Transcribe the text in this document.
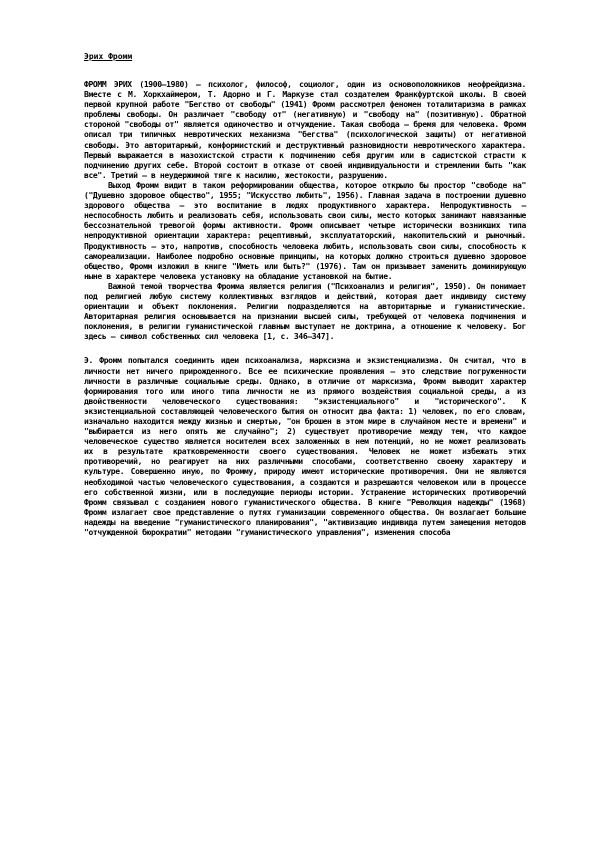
Эрих Фромм

ФРОММ ЭРИХ (1900–1980) — психолог, философ, социолог, один из основоположников неофрейдизма. Вместе с М. Хоркхаймером, Т. Адорно и Г. Маркузе стал создателем Франкфуртской школы. В своей первой крупной работе "Бегство от свободы" (1941) Фромм рассмотрел феномен тоталитаризма в рамках проблемы свободы. Он различает "свободу от" (негативную) и "свободу на" (позитивную). Обратной стороной "свободы от" является одиночество и отчуждение. Такая свобода — бремя для человека. Фромм описал три типичных невротических механизма "бегства" (психологической защиты) от негативной свободы. Это авторитарный, конформистский и деструктивный разновидности невротического характера. Первый выражается в мазохистской страсти к подчинению себя другим или в садистской страсти к подчинению других себе. Второй состоит в отказе от своей индивидуальности и стремлении быть "как все". Третий — в неудержимой тяге к насилию, жестокости, разрушению.

Выход Фромм видит в таком реформировании общества, которое открыло бы простор "свободе на" ("Душевно здоровое общество", 1955; "Искусство любить", 1956). Главная задача в построении душевно здорового общества — это воспитание в людях продуктивного характера. Непродуктивность — неспособность любить и реализовать себя, использовать свои силы, место которых занимают навязанные бессознательной тревогой формы активности. Фромм описывает четыре исторически возникших типа непродуктивной ориентации характера: рецептивный, эксплуататорский, накопительский и рыночный. Продуктивность — это, напротив, способность человека любить, использовать свои силы, способность к самореализации. Наиболее подробно основные принципы, на которых должно строиться душевно здоровое общество, Фромм изложил в книге "Иметь или быть?" (1976). Там он призывает заменить доминирующую ныне в характере человека установку на обладание установкой на бытие.

Важной темой творчества Фромма является религия ("Психоанализ и религия", 1950). Он понимает под религией любую систему коллективных взглядов и действий, которая дает индивиду систему ориентации и объект поклонения. Религии подразделяются на авторитарные и гуманистические. Авторитарная религия основывается на признании высшей силы, требующей от человека подчинения и поклонения, в религии гуманистической главным выступает не доктрина, а отношение к человеку. Бог здесь — символ собственных сил человека [1, с. 346–347].

Э. Фромм попытался соединить идеи психоанализа, марксизма и экзистенциализма. Он считал, что в личности нет ничего прирожденного. Все ее психические проявления — это следствие погруженности личности в различные социальные среды. Однако, в отличие от марксизма, Фромм выводит характер формирования того или иного типа личности не из прямого воздействия социальной среды, а из двойственности человеческого существования: "экзистенциального" и "исторического". К экзистенциальной составляющей человеческого бытия он относит два факта: 1) человек, по его словам, изначально находится между жизнью и смертью, "он брошен в этом мире в случайном месте и времени" и "выбирается из него опять же случайно"; 2) существует противоречие между тем, что каждое человеческое существо является носителем всех заложенных в нем потенций, но не может реализовать их в результате кратковременности своего существования. Человек не может избежать этих противоречий, но реагирует на них различными способами, соответственно своему характеру и культуре. Совершенно иную, по Фромму, природу имеют исторические противоречия. Они не являются необходимой частью человеческого существования, а создаются и разрешаются человеком или в процессе его собственной жизни, или в последующие периоды истории. Устранение исторических противоречий Фромм связывал с созданием нового гуманистического общества. В книге "Революция надежды" (1968) Фромм излагает свое представление о путях гуманизации современного общества. Он возлагает большие надежды на введение "гуманистического планирования", "активизацию индивида путем замещения методов "отчужденной бюрократии" методами "гуманистического управления", изменения способа
